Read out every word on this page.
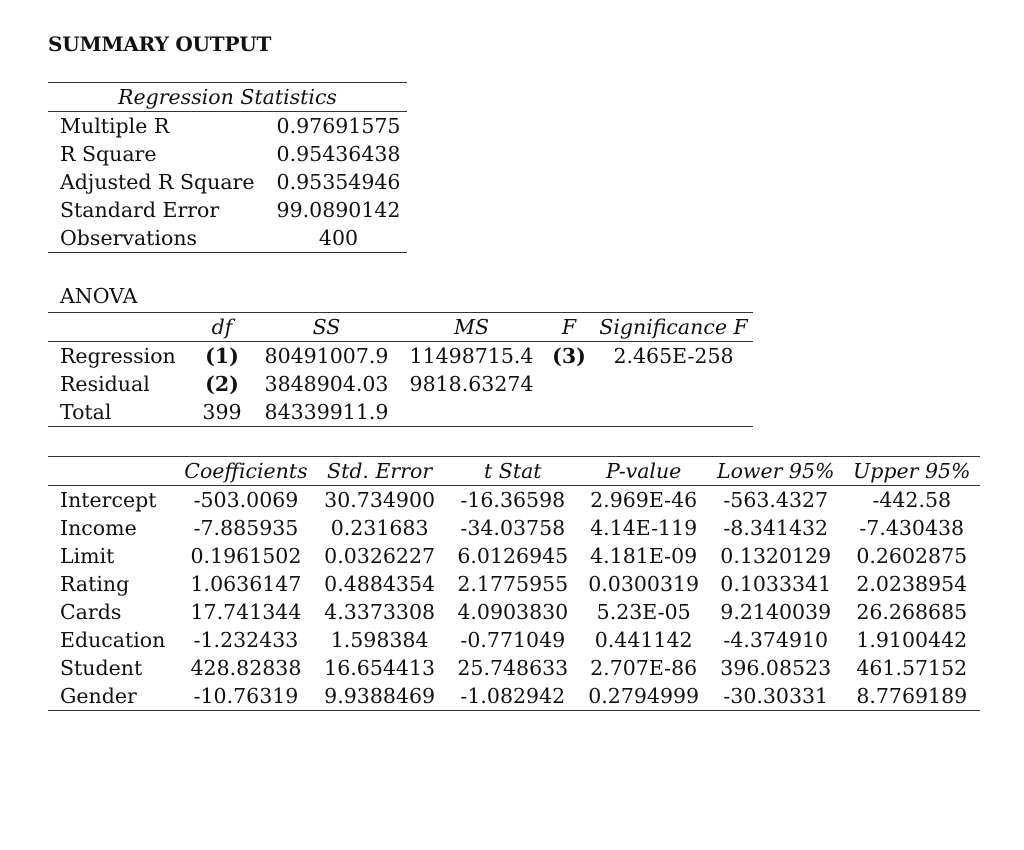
SUMMARY OUTPUT
Regression Statistics	
Multiple R	0.97691575
R Square	0.95436438
Adjusted R Square	0.95354946
Standard Error	99.0890142
Observations	400
ANOVA
	df	SS	MS	F	Significance F
Regression	(1)	80491007.9	11498715.4	(3)	2.465E-258
Residual	(2)	3848904.03	9818.63274		
Total	399	84339911.9			
	Coefficients	Std. Error	t Stat	P-value	Lower 95%	Upper 95%
Intercept	-503.0069	30.734900	-16.36598	2.969E-46	-563.4327	-442.58
Income	-7.885935	0.231683	-34.03758	4.14E-119	-8.341432	-7.430438
Limit	0.1961502	0.0326227	6.0126945	4.181E-09	0.1320129	0.2602875
Rating	1.0636147	0.4884354	2.1775955	0.0300319	0.1033341	2.0238954
Cards	17.741344	4.3373308	4.0903830	5.23E-05	9.2140039	26.268685
Education	-1.232433	1.598384	-0.771049	0.441142	-4.374910	1.9100442
Student	428.82838	16.654413	25.748633	2.707E-86	396.08523	461.57152
Gender	-10.76319	9.9388469	-1.082942	0.2794999	-30.30331	8.7769189
